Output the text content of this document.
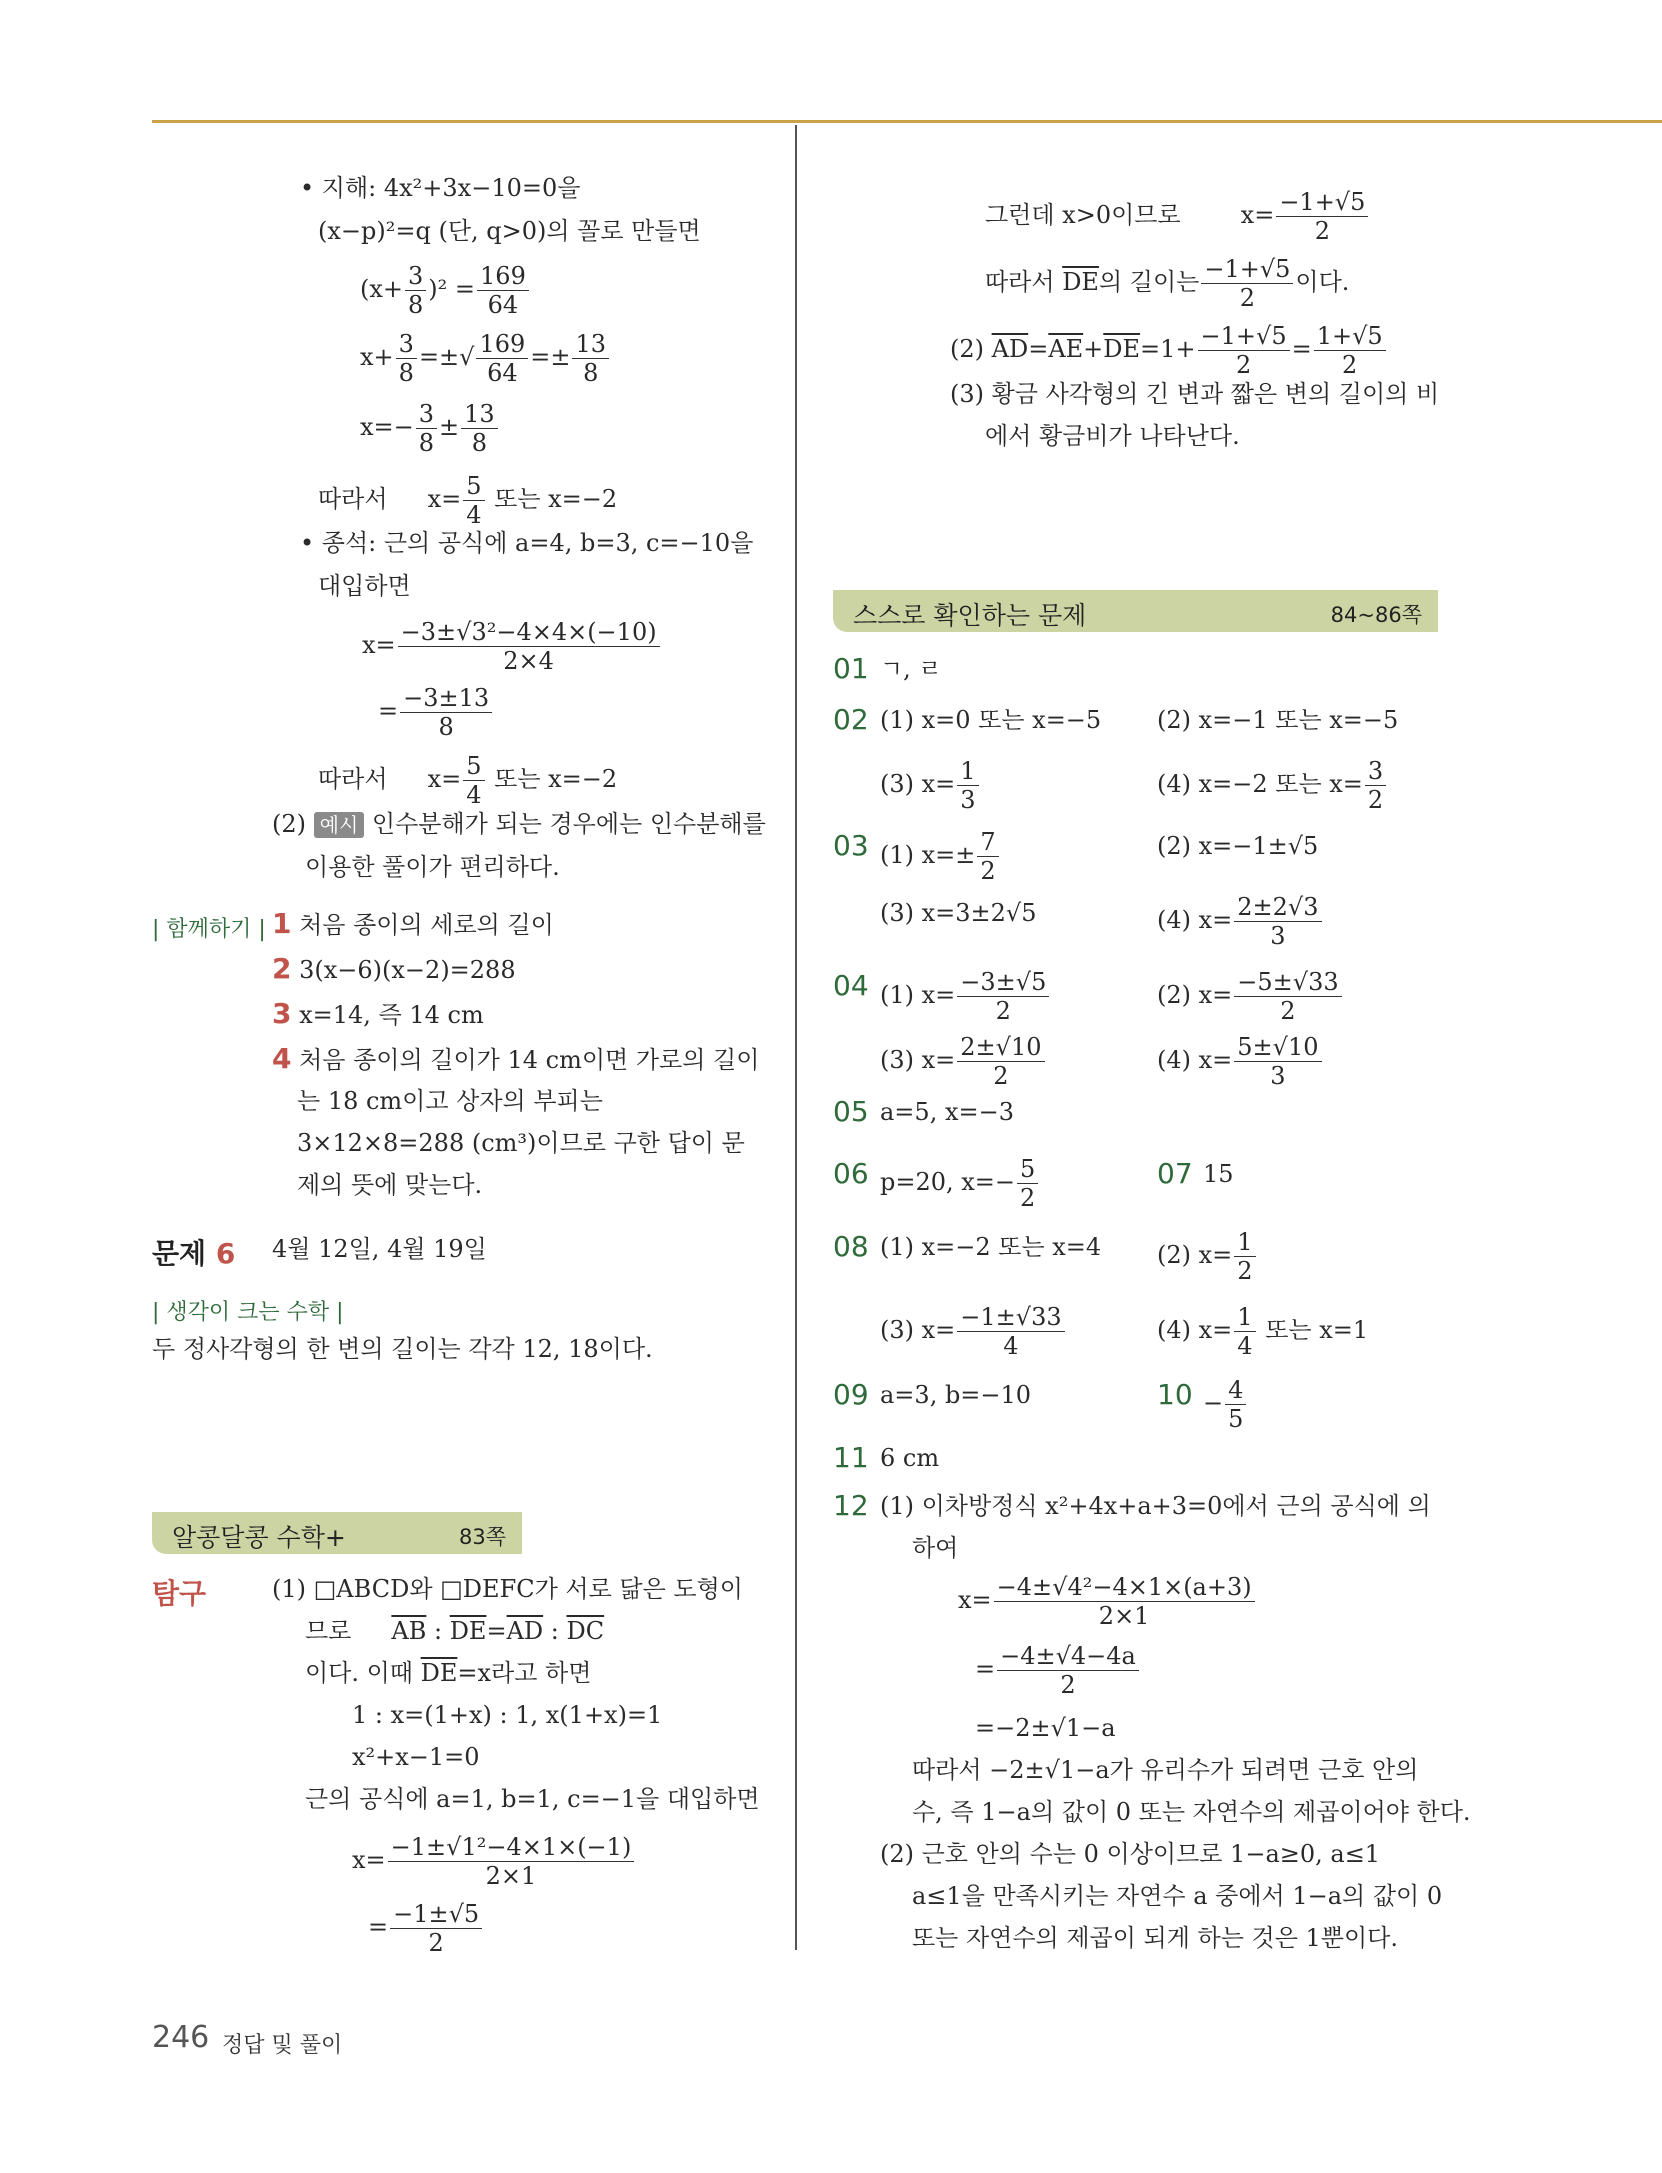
• 지해: 4x²+3x−10=0을
(x−p)²=q (단, q>0)의 꼴로 만들면
$(x+ \frac{3}{8} )^2 = \frac{169}{64}$
$x+ \frac{3}{8}$ =±√ $\frac{169}{64} =\pm \frac{13}{8}$
$x=- \frac{3}{8} \pm \frac{13}{8}$
따라서 $x= \frac{5}{4}$ 또는 x=−2
• 종석: 근의 공식에 a=4, b=3, c=−10을
대입하면
$x= \frac{\text{−3±√3²−4×4×(−10)}}{2\times 4}$
= $\frac{-3\pm 13}{8}$
따라서 $x= \frac{5}{4}$ 또는 x=−2
(2) 예시 인수분해가 되는 경우에는 인수분해를
이용한 풀이가 편리하다.
| 함께하기 | 1 처음 종이의 세로의 길이
2 3(x−6)(x−2)=288
3 x=14, 즉 14 cm
4 처음 종이의 길이가 14 cm이면 가로의 길이
는 18 cm이고 상자의 부피는
3×12×8=288 (cm³)이므로 구한 답이 문
제의 뜻에 맞는다.
문제 6 4월 12일, 4월 19일
| 생각이 크는 수학 |
두 정사각형의 한 변의 길이는 각각 12, 18이다.
알콩달콩 수학+	83쪽
탐구	(1) □ABCD와 □DEFC가 서로 닮은 도형이
므로 $\overline{AB}$ : $\overline{DE}=\overline{AD}$ : $\overline{DC}$
이다. 이때 $\overline{DE}=x$라고 하면
1 : x=(1+x) : 1, x(1+x)=1
x²+x−1=0
근의 공식에 a=1, b=1, c=−1을 대입하면
$x= \frac{\text{−1±√1²−4×1×(−1)}}{2\times 1}$
= $\frac{-1\pm√5}{2}$
그런데 x>0이므로	$x= \frac{-1+√5}{2}$
따라서 $\overline{DE}$의 길이는 $\frac{-1+√5}{2}$ 이다.
(2) $\overline{AD}=\overline{AE}+\overline{DE}=1+ \frac{-1+√5}{2} = \frac{1+√5}{2}$
(3) 황금 사각형의 긴 변과 짧은 변의 길이의 비
에서 황금비가 나타난다.
스스로 확인하는 문제	84~86쪽
01 ㄱ, ㄹ
02 (1) x=0 또는 x=−5 (2) x=−1 또는 x=−5
(3) $x= \frac{1}{3}$	(4) x=−2 또는 $x= \frac{3}{2}$
03 (1) $x=\pm \frac{7}{2}$	(2) x=−1±√5
(3) x=3±2√5	(4) $x= \frac{2\pm 2√3}{3}$
04 (1) $x= \frac{-3\pm√5}{2}$	(2) $x= \frac{-5\pm√33}{2}$
(3) $x= \frac{2\pm√10}{2}$	(4) $x= \frac{5\pm√10}{3}$
05 a=5, x=−3
06 p=20, $x=- \frac{5}{2}$	07 15
08 (1) x=−2 또는 x=4 (2) $x= \frac{1}{2}$
(3) $x= \frac{-1\pm√33}{4}$	(4) $x= \frac{1}{4}$ 또는 x=1
09 a=3, b=−10	$10 - \frac{4}{5}$
11 6 cm
12 (1) 이차방정식 x²+4x+a+3=0에서 근의 공식에 의
하여
$x= \frac{\text{−4±√4²−4×1×(a+3)}}{2\times 1}$
= $\frac{-4\pm√4-4a}{2}$
=−2±√1−a
따라서 −2±√1−a가 유리수가 되려면 근호 안의
수, 즉 1−a의 값이 0 또는 자연수의 제곱이어야 한다.
(2) 근호 안의 수는 0 이상이므로 1−a≥0, a≤1
a≤1을 만족시키는 자연수 a 중에서 1−a의 값이 0
또는 자연수의 제곱이 되게 하는 것은 1뿐이다.
246 정답 및 풀이
